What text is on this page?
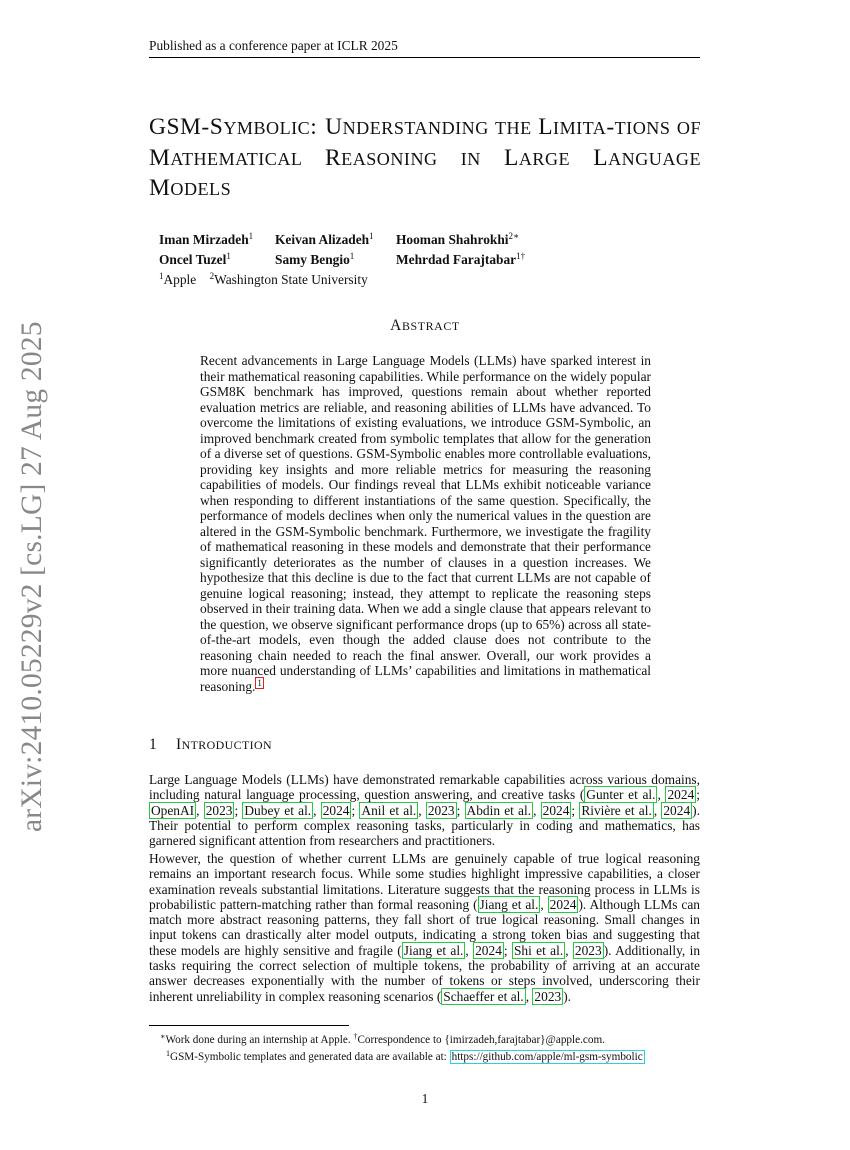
Published as a conference paper at ICLR 2025
arXiv:2410.05229v2 [cs.LG] 27 Aug 2025
GSM-SYMBOLIC: UNDERSTANDING THE LIMITA-TIONS OF MATHEMATICAL REASONING IN LARGE LANGUAGE MODELS
Iman Mirzadeh$^1$ Keivan Alizadeh$^1$ Hooman Shahrokhi$^{2∗}$
Oncel Tuzel$^1$	Samy Bengio$^1$	Mehrdad Farajtabar$^{1\dagger}$
$^1$Apple $^2$Washington State University
ABSTRACT
Recent advancements in Large Language Models (LLMs) have sparked interest in their mathematical reasoning capabilities. While performance on the widely popular GSM8K benchmark has improved, questions remain about whether reported evaluation metrics are reliable, and reasoning abilities of LLMs have advanced. To overcome the limitations of existing evaluations, we introduce GSM-Symbolic, an improved benchmark created from symbolic templates that allow for the generation of a diverse set of questions. GSM-Symbolic enables more controllable evaluations, providing key insights and more reliable metrics for measuring the reasoning capabilities of models. Our findings reveal that LLMs exhibit noticeable variance when responding to different instantiations of the same question. Specifically, the performance of models declines when only the numerical values in the question are altered in the GSM-Symbolic benchmark. Furthermore, we investigate the fragility of mathematical reasoning in these models and demonstrate that their performance significantly deteriorates as the number of clauses in a question increases. We hypothesize that this decline is due to the fact that current LLMs are not capable of genuine logical reasoning; instead, they attempt to replicate the reasoning steps observed in their training data. When we add a single clause that appears relevant to the question, we observe significant performance drops (up to 65%) across all state-of-the-art models, even though the added clause does not contribute to the reasoning chain needed to reach the final answer. Overall, our work provides a more nuanced understanding of LLMs’ capabilities and limitations in mathematical reasoning. $^1$
1 INTRODUCTION
Large Language Models (LLMs) have demonstrated remarkable capabilities across various domains, including natural language processing, question answering, and creative tasks ( Gunter et al. , 2024 ; OpenAI , 2023 ; Dubey et al. , 2024 ; Anil et al. , 2023 ; Abdin et al. , 2024 ; Rivière et al. , 2024 ). Their potential to perform complex reasoning tasks, particularly in coding and mathematics, has garnered significant attention from researchers and practitioners.
However, the question of whether current LLMs are genuinely capable of true logical reasoning remains an important research focus. While some studies highlight impressive capabilities, a closer examination reveals substantial limitations. Literature suggests that the reasoning process in LLMs is probabilistic pattern-matching rather than formal reasoning ( Jiang et al. , 2024 ). Although LLMs can match more abstract reasoning patterns, they fall short of true logical reasoning. Small changes in input tokens can drastically alter model outputs, indicating a strong token bias and suggesting that these models are highly sensitive and fragile ( Jiang et al. , 2024 ; Shi et al. , 2023 ). Additionally, in tasks requiring the correct selection of multiple tokens, the probability of arriving at an accurate answer decreases exponentially with the number of tokens or steps involved, underscoring their inherent unreliability in complex reasoning scenarios ( Schaeffer et al. , 2023 ).
∗Work done during an internship at Apple. †Correspondence to {imirzadeh,farajtabar}@apple.com.
$^1$GSM-Symbolic templates and generated data are available at: https://github.com/apple/ml-gsm-symbolic
1
